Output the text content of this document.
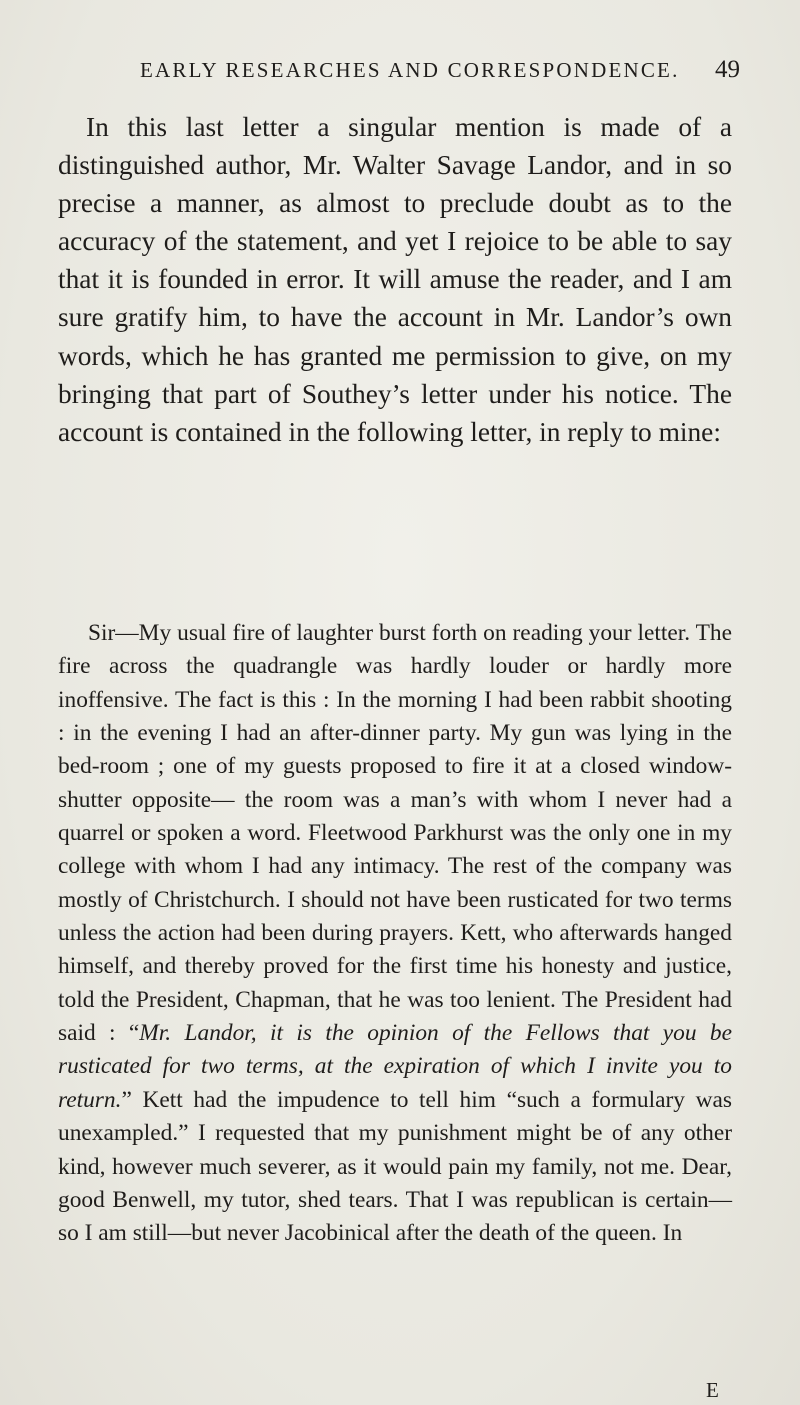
EARLY RESEARCHES AND CORRESPONDENCE. 49

In this last letter a singular mention is made of a distinguished author, Mr. Walter Savage Landor, and in so precise a manner, as almost to preclude doubt as to the accuracy of the statement, and yet I rejoice to be able to say that it is founded in error. It will amuse the reader, and I am sure gratify him, to have the account in Mr. Landor’s own words, which he has granted me permission to give, on my bringing that part of Southey’s letter under his notice. The account is contained in the following letter, in reply to mine:

Sir—My usual fire of laughter burst forth on reading your letter. The fire across the quadrangle was hardly louder or hardly more inoffensive. The fact is this : In the morning I had been rabbit shooting : in the evening I had an after-dinner party. My gun was lying in the bed-room ; one of my guests proposed to fire it at a closed window-shutter opposite— the room was a man’s with whom I never had a quarrel or spoken a word. Fleetwood Parkhurst was the only one in my college with whom I had any intimacy. The rest of the company was mostly of Christchurch. I should not have been rusticated for two terms unless the action had been during prayers. Kett, who afterwards hanged himself, and thereby proved for the first time his honesty and justice, told the President, Chapman, that he was too lenient. The President had said : “Mr. Landor, it is the opinion of the Fellows that you be rusticated for two terms, at the expiration of which I invite you to return.” Kett had the impudence to tell him “such a formulary was unexampled.” I requested that my punishment might be of any other kind, however much severer, as it would pain my family, not me. Dear, good Benwell, my tutor, shed tears. That I was republican is certain—so I am still—but never Jacobinical after the death of the queen. In

E
